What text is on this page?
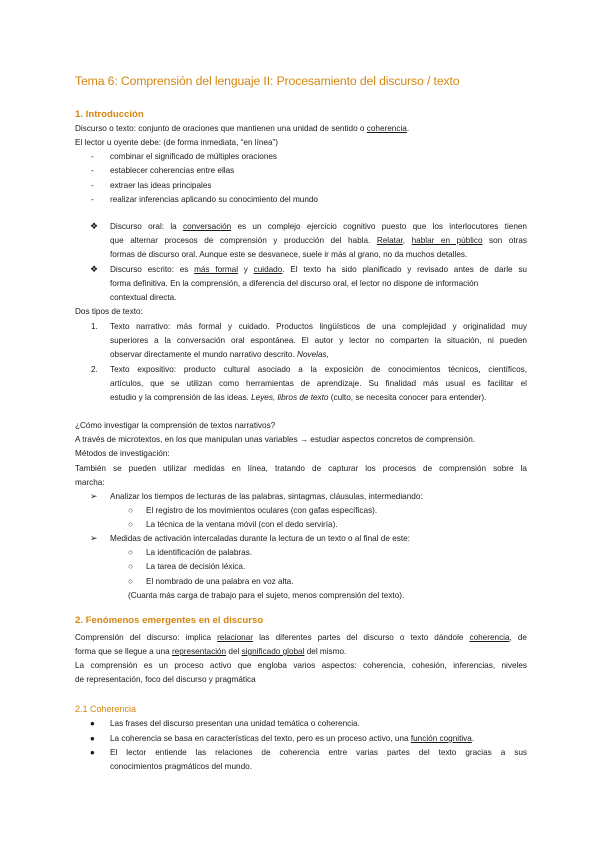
Tema 6: Comprensión del lenguaje II: Procesamiento del discurso / texto
1. Introducción
Discurso o texto: conjunto de oraciones que mantienen una unidad de sentido o coherencia.
El lector u oyente debe: (de forma inmediata, “en línea”)
- combinar el significado de múltiples oraciones
- establecer coherencias entre ellas
- extraer las ideas principales
- realizar inferencias aplicando su conocimiento del mundo
❖ Discurso oral: la conversación es un complejo ejercicio cognitivo puesto que los interlocutores tienen
que alternar procesos de comprensión y producción del habla. Relatar, hablar en público son otras
formas de discurso oral. Aunque este se desvanece, suele ir más al grano, no da muchos detalles.
❖ Discurso escrito: es más formal y cuidado. El texto ha sido planificado y revisado antes de darle su
forma definitiva. En la comprensión, a diferencia del discurso oral, el lector no dispone de información
contextual directa.
Dos tipos de texto:
1. Texto narrativo: más formal y cuidado. Productos lingüísticos de una complejidad y originalidad muy
superiores a la conversación oral espontánea. El autor y lector no comparten la situación, ni pueden
observar directamente el mundo narrativo descrito. Novelas,
2. Texto expositivo: producto cultural asociado a la exposición de conocimientos técnicos, científicos,
artículos, que se utilizan como herramientas de aprendizaje. Su finalidad más usual es facilitar el
estudio y la comprensión de las ideas. Leyes, libros de texto (culto, se necesita conocer para entender).
¿Cómo investigar la comprensión de textos narrativos?
A través de microtextos, en los que manipulan unas variables → estudiar aspectos concretos de comprensión.
Métodos de investigación:
También se pueden utilizar medidas en línea, tratando de capturar los procesos de comprensión sobre la
marcha:
➢ Analizar los tiempos de lecturas de las palabras, sintagmas, cláusulas, intermediando:
○ El registro de los movimientos oculares (con gafas específicas).
○ La técnica de la ventana móvil (con el dedo serviría).
➢ Medidas de activación intercaladas durante la lectura de un texto o al final de este:
○ La identificación de palabras.
○ La tarea de decisión léxica.
○ El nombrado de una palabra en voz alta.
(Cuanta más carga de trabajo para el sujeto, menos comprensión del texto).
2. Fenómenos emergentes en el discurso
Comprensión del discurso: implica relacionar las diferentes partes del discurso o texto dándole coherencia, de
forma que se llegue a una representación del significado global del mismo.
La comprensión es un proceso activo que engloba varios aspectos: coherencia, cohesión, inferencias, niveles
de representación, foco del discurso y pragmática
2.1 Coherencia
● Las frases del discurso presentan una unidad temática o coherencia.
● La coherencia se basa en características del texto, pero es un proceso activo, una función cognitiva.
● El lector entiende las relaciones de coherencia entre varias partes del texto gracias a sus
conocimientos pragmáticos del mundo.
